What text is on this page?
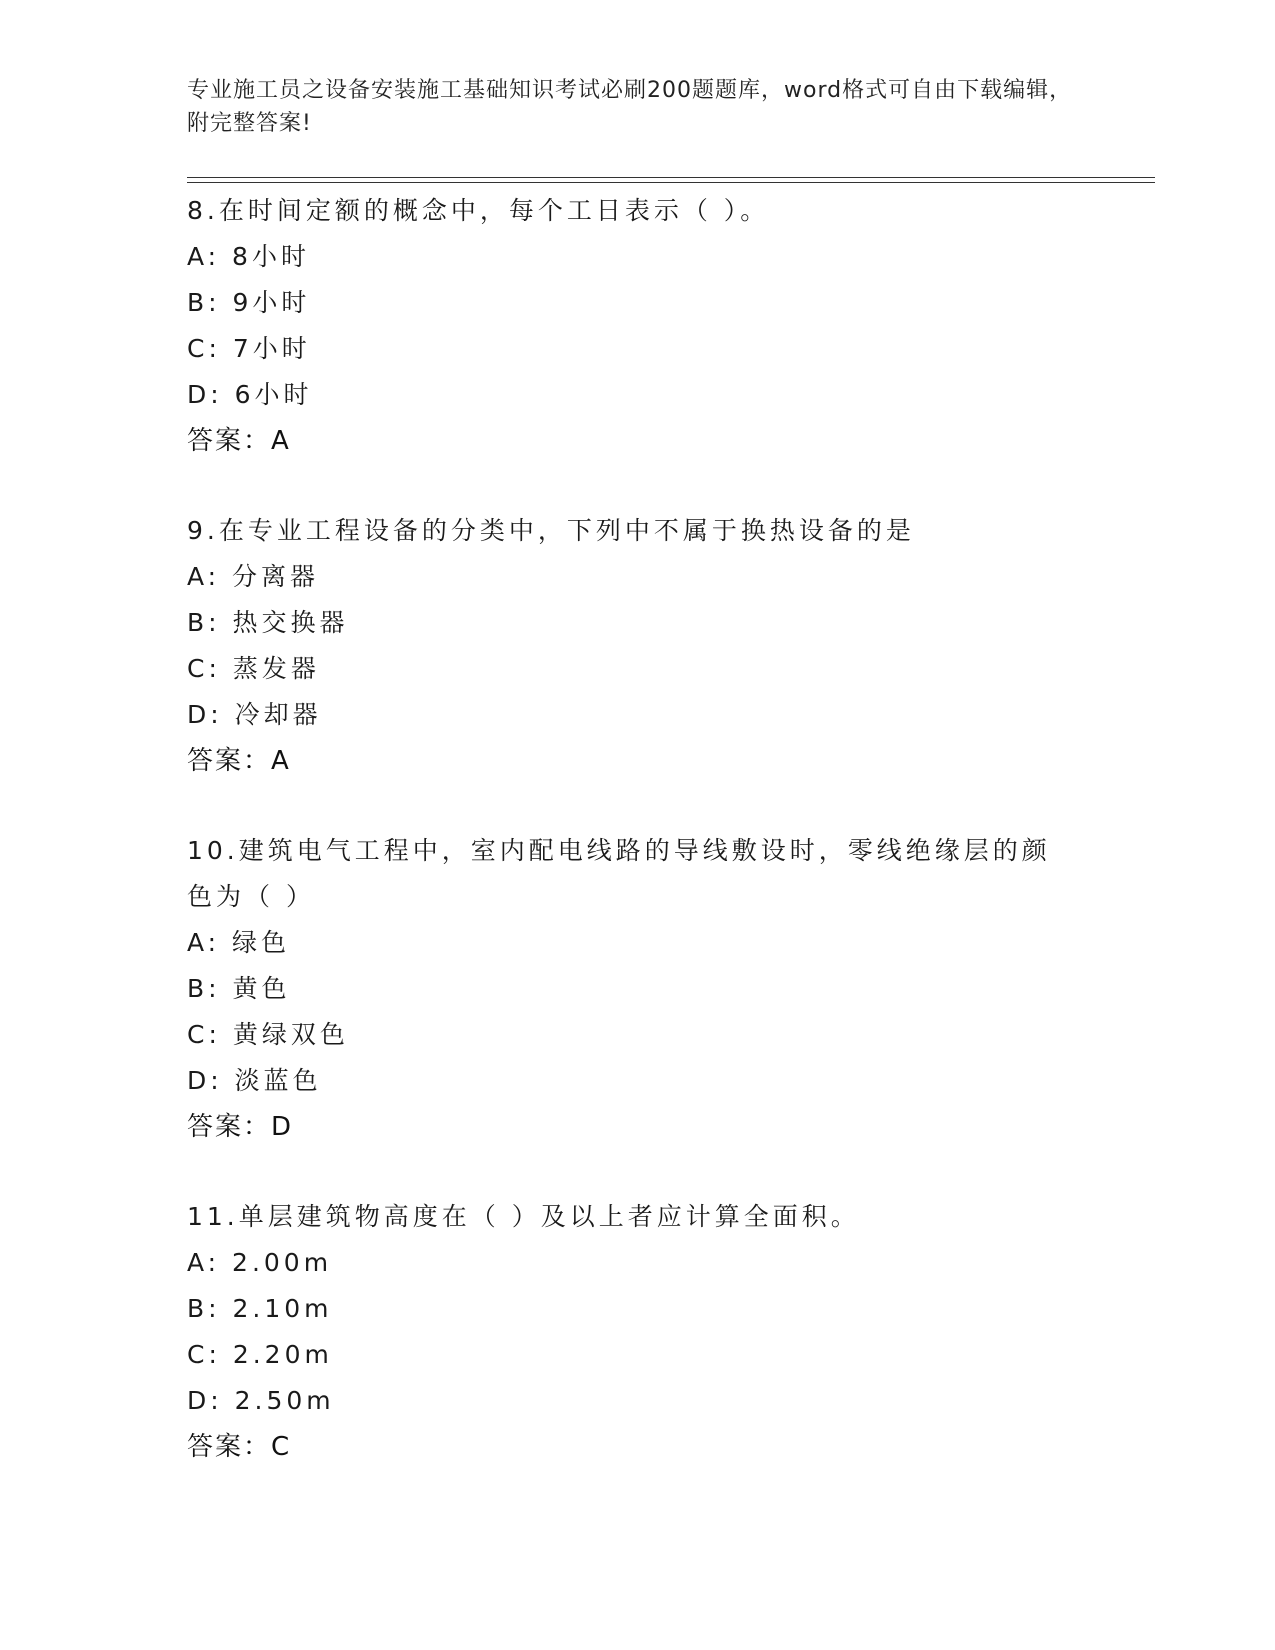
专业施工员之设备安装施工基础知识考试必刷200题题库，word格式可自由下载编辑，附完整答案!

8.在时间定额的概念中，每个工日表示（ ）。

A: 8小时

B: 9小时

C: 7小时

D: 6小时

答案：A

9.在专业工程设备的分类中，下列中不属于换热设备的是

A: 分离器

B: 热交换器

C: 蒸发器

D: 冷却器

答案：A

10.建筑电气工程中，室内配电线路的导线敷设时，零线绝缘层的颜色为（ ）

A: 绿色

B: 黄色

C: 黄绿双色

D: 淡蓝色

答案：D

11.单层建筑物高度在（ ）及以上者应计算全面积。

A: 2.00m

B: 2.10m

C: 2.20m

D: 2.50m

答案：C
